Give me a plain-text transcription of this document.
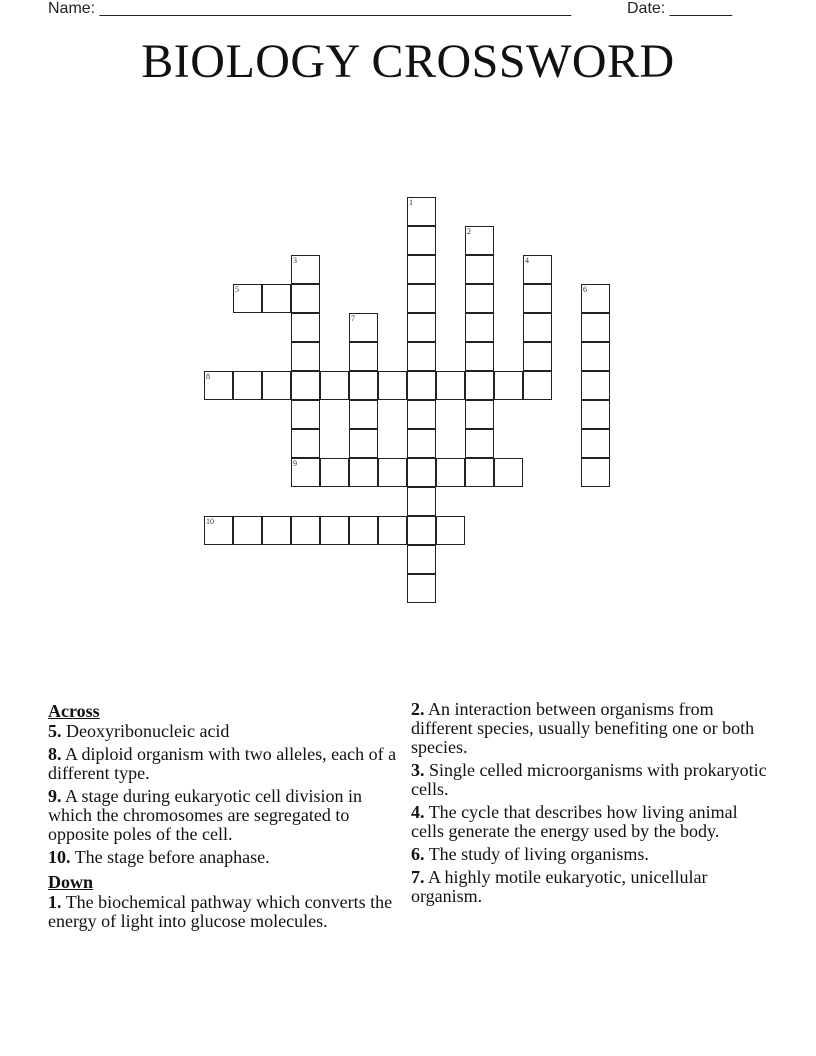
Name: _____________________________________________________	Date: _______
BIOLOGY CROSSWORD
1
2
3
9
4
5	6
7
8
10
Across
5. Deoxyribonucleic acid
8. A diploid organism with two alleles, each of a different type.
9. A stage during eukaryotic cell division in which the chromosomes are segregated to opposite poles of the cell.
10. The stage before anaphase.
Down
1. The biochemical pathway which converts the energy of light into glucose molecules.
2. An interaction between organisms from different species, usually benefiting one or both species.
3. Single celled microorganisms with prokaryotic cells.
4. The cycle that describes how living animal cells generate the energy used by the body.
6. The study of living organisms.
7. A highly motile eukaryotic, unicellular organism.
